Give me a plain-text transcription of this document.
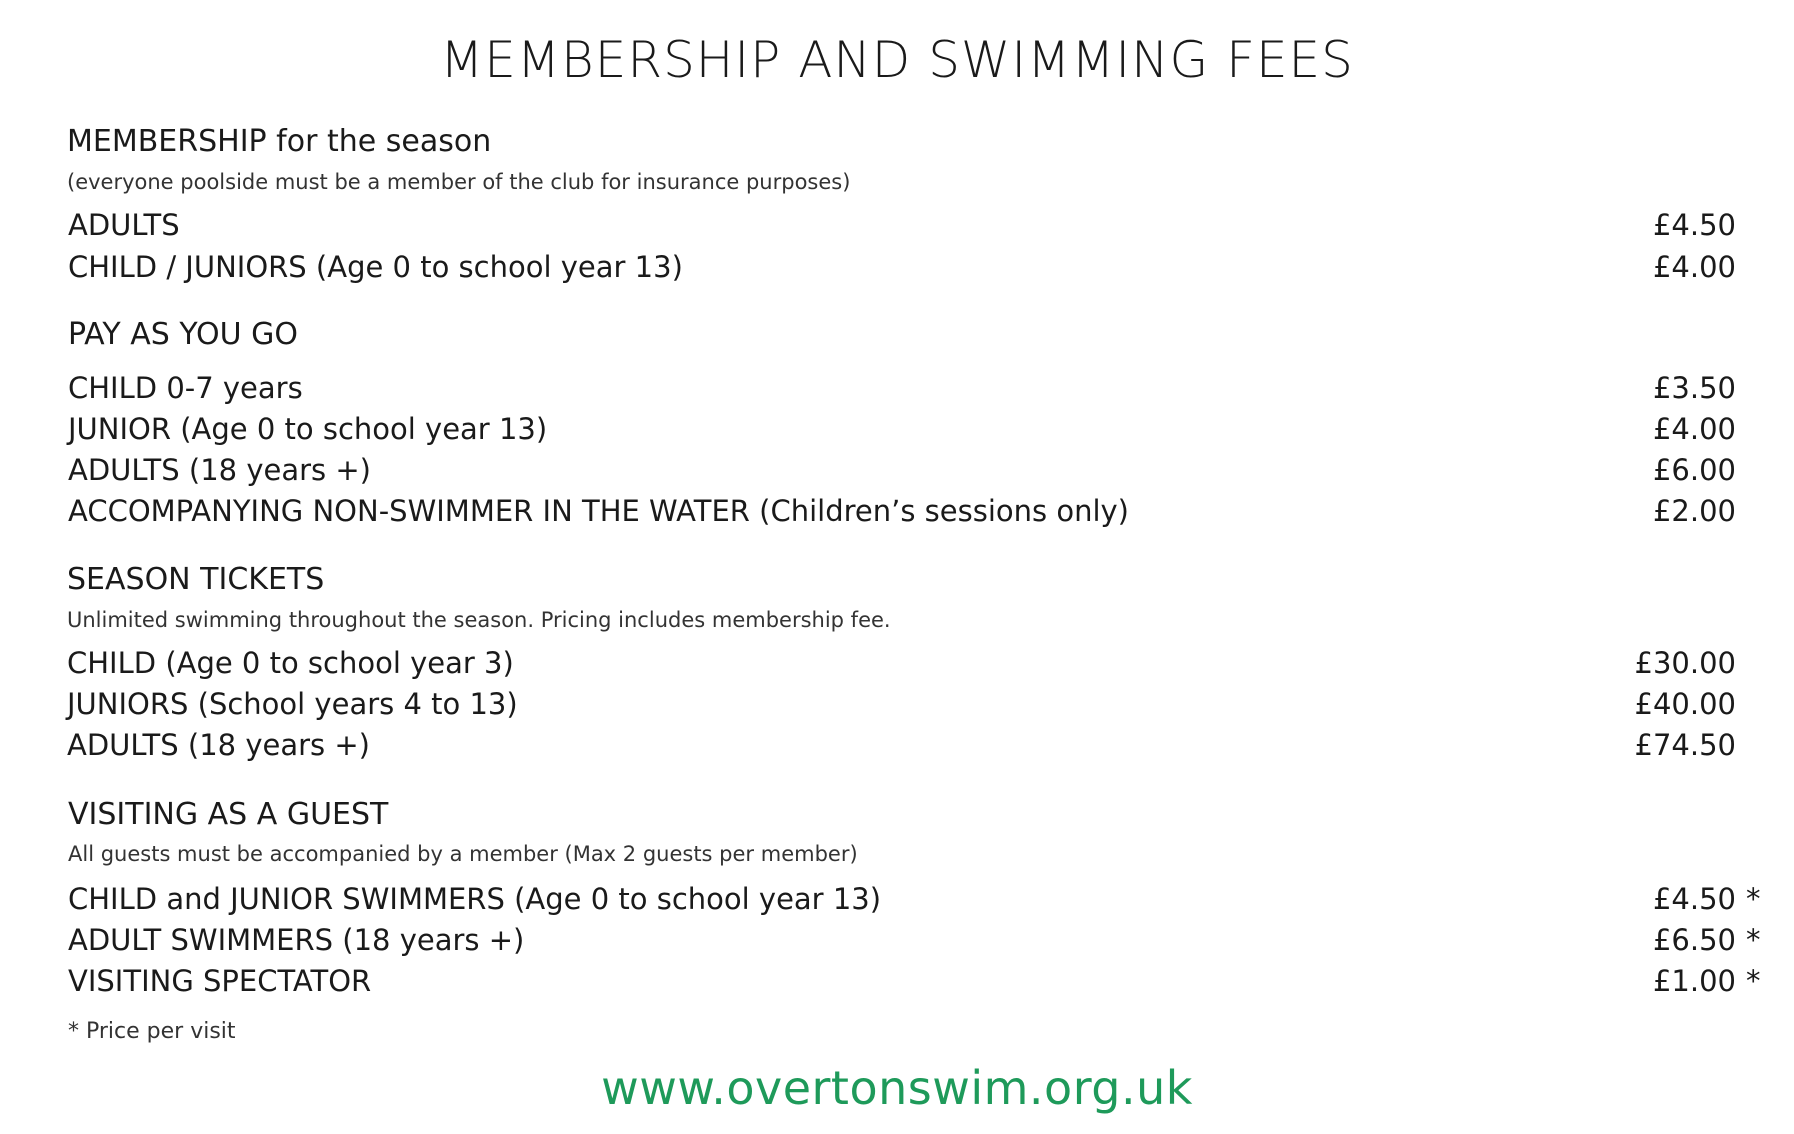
MEMBERSHIP AND SWIMMING FEES
MEMBERSHIP for the season
(everyone poolside must be a member of the club for insurance purposes)
ADULTS	£4.50
CHILD / JUNIORS (Age 0 to school year 13)	£4.00
PAY AS YOU GO
CHILD 0-7 years	£3.50
JUNIOR (Age 0 to school year 13)	£4.00
ADULTS (18 years +)	£6.00
ACCOMPANYING NON-SWIMMER IN THE WATER (Children’s sessions only)	£2.00
SEASON TICKETS
Unlimited swimming throughout the season. Pricing includes membership fee.
CHILD (Age 0 to school year 3)	£30.00
JUNIORS (School years 4 to 13)	£40.00
ADULTS (18 years +)	£74.50
VISITING AS A GUEST
All guests must be accompanied by a member (Max 2 guests per member)
CHILD and JUNIOR SWIMMERS (Age 0 to school year 13)	£4.50 *
ADULT SWIMMERS (18 years +)	£6.50 *
VISITING SPECTATOR	£1.00 *
* Price per visit
www.overtonswim.org.uk
